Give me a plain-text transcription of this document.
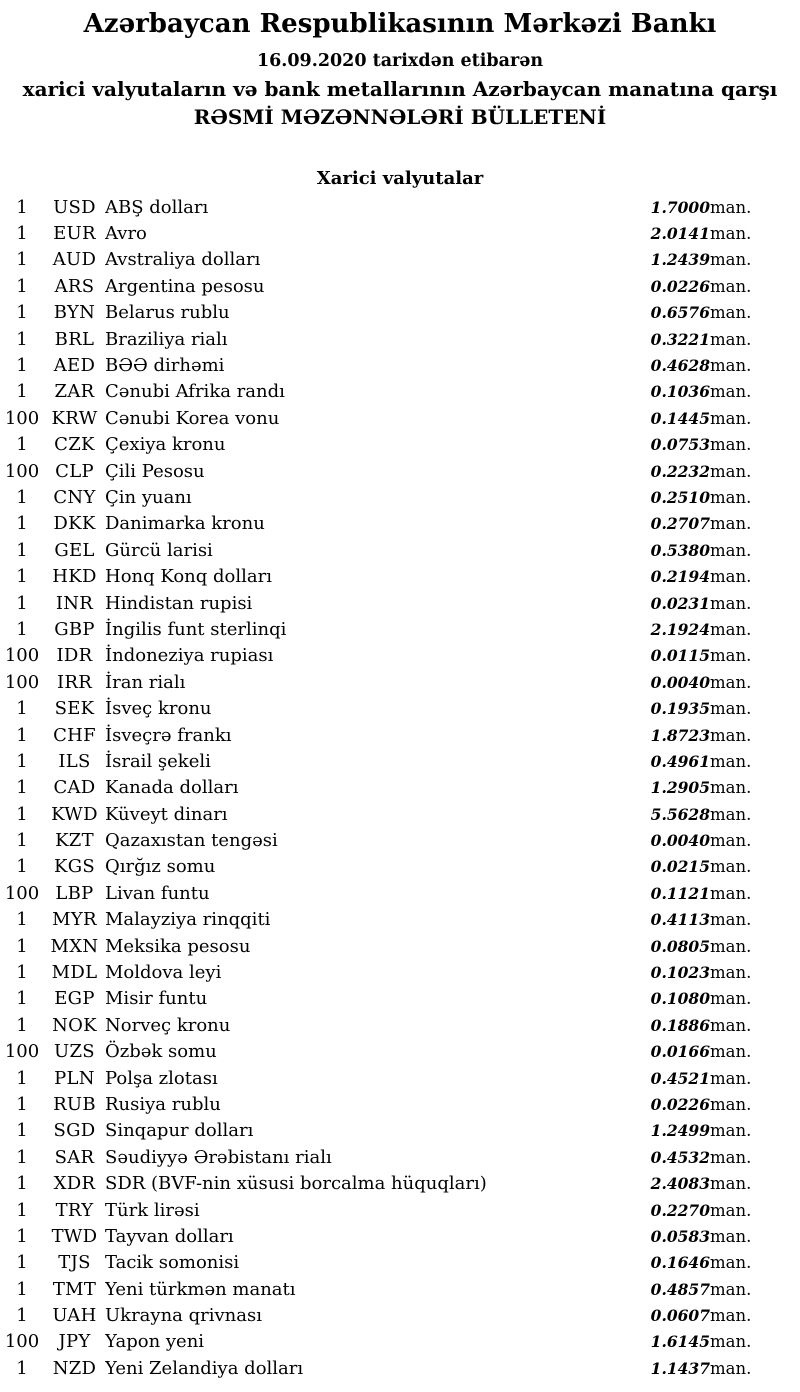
Azərbaycan Respublikasının Mərkəzi Bankı
16.09.2020 tarixdən etibarən
xarici valyutaların və bank metallarının Azərbaycan manatına qarşı
RƏSMİ MƏZƏNNƏLƏRİ BÜLLETENİ
Xarici valyutalar
1	USD	ABŞ dolları	1.7000	man.
1	EUR	Avro	2.0141	man.
1	AUD	Avstraliya dolları	1.2439	man.
1	ARS	Argentina pesosu	0.0226	man.
1	BYN	Belarus rublu	0.6576	man.
1	BRL	Braziliya rialı	0.3221	man.
1	AED	BƏƏ dirhəmi	0.4628	man.
1	ZAR	Cənubi Afrika randı	0.1036	man.
100	KRW	Cənubi Korea vonu	0.1445	man.
1	CZK	Çexiya kronu	0.0753	man.
100	CLP	Çili Pesosu	0.2232	man.
1	CNY	Çin yuanı	0.2510	man.
1	DKK	Danimarka kronu	0.2707	man.
1	GEL	Gürcü larisi	0.5380	man.
1	HKD	Honq Konq dolları	0.2194	man.
1	INR	Hindistan rupisi	0.0231	man.
1	GBP	İngilis funt sterlinqi	2.1924	man.
100	IDR	İndoneziya rupiası	0.0115	man.
100	IRR	İran rialı	0.0040	man.
1	SEK	İsveç kronu	0.1935	man.
1	CHF	İsveçrə frankı	1.8723	man.
1	ILS	İsrail şekeli	0.4961	man.
1	CAD	Kanada dolları	1.2905	man.
1	KWD	Küveyt dinarı	5.5628	man.
1	KZT	Qazaxıstan tengəsi	0.0040	man.
1	KGS	Qırğız somu	0.0215	man.
100	LBP	Livan funtu	0.1121	man.
1	MYR	Malayziya rinqqiti	0.4113	man.
1	MXN	Meksika pesosu	0.0805	man.
1	MDL	Moldova leyi	0.1023	man.
1	EGP	Misir funtu	0.1080	man.
1	NOK	Norveç kronu	0.1886	man.
100	UZS	Özbək somu	0.0166	man.
1	PLN	Polşa zlotası	0.4521	man.
1	RUB	Rusiya rublu	0.0226	man.
1	SGD	Sinqapur dolları	1.2499	man.
1	SAR	Səudiyyə Ərəbistanı rialı	0.4532	man.
1	XDR	SDR (BVF-nin xüsusi borcalma hüquqları)	2.4083	man.
1	TRY	Türk lirəsi	0.2270	man.
1	TWD	Tayvan dolları	0.0583	man.
1	TJS	Tacik somonisi	0.1646	man.
1	TMT	Yeni türkmən manatı	0.4857	man.
1	UAH	Ukrayna qrivnası	0.0607	man.
100	JPY	Yapon yeni	1.6145	man.
1	NZD	Yeni Zelandiya dolları	1.1437	man.
